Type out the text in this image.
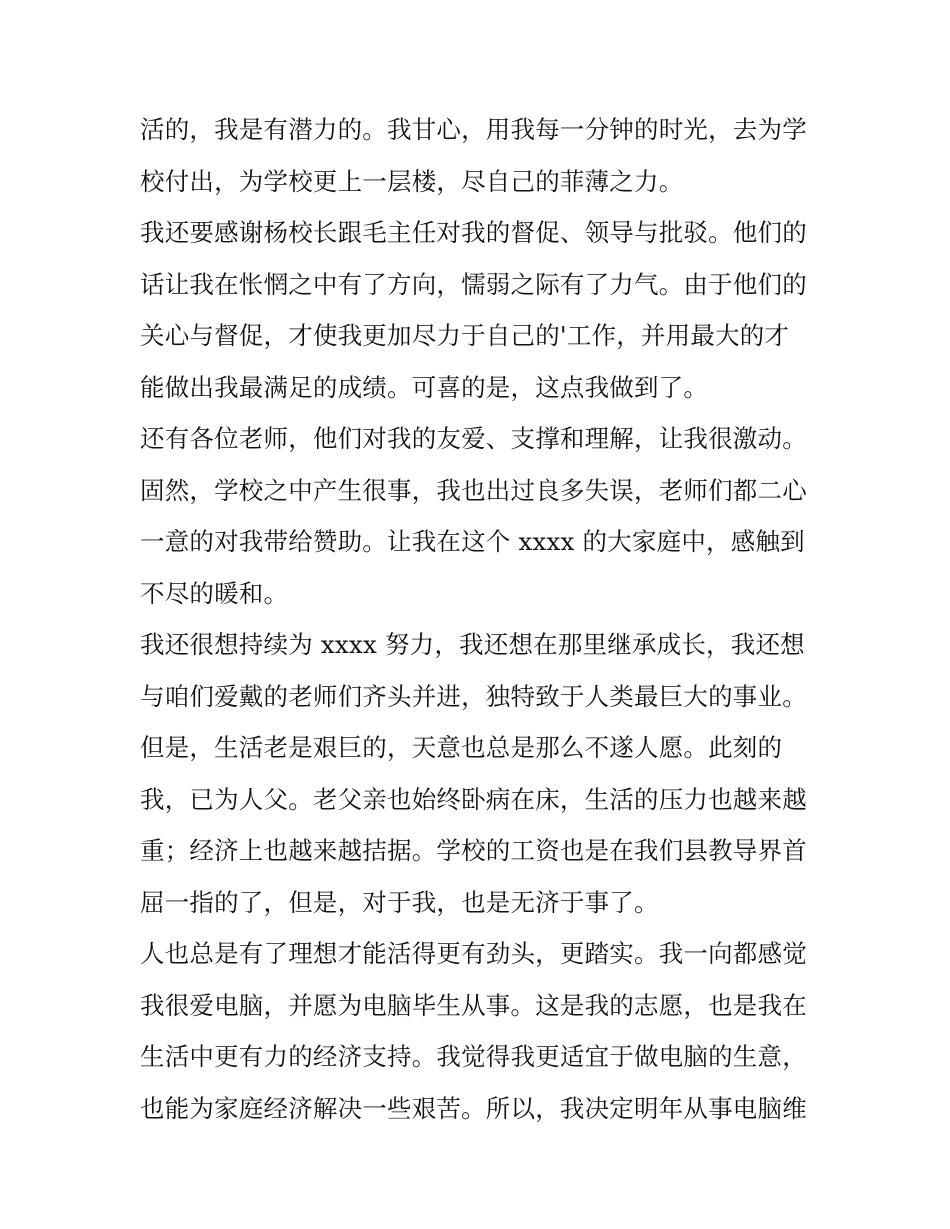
活的，我是有潜力的。我甘心，用我每一分钟的时光，去为学
校付出，为学校更上一层楼，尽自己的菲薄之力。
我还要感谢杨校长跟毛主任对我的督促、领导与批驳。他们的
话让我在怅惘之中有了方向，懦弱之际有了力气。由于他们的
关心与督促，才使我更加尽力于自己的'工作，并用最大的才
能做出我最满足的成绩。可喜的是，这点我做到了。
还有各位老师，他们对我的友爱、支撑和理解，让我很激动。
固然，学校之中产生很事，我也出过良多失误，老师们都二心
一意的对我带给赞助。让我在这个 xxxx 的大家庭中，感触到
不尽的暖和。
我还很想持续为 xxxx 努力，我还想在那里继承成长，我还想
与咱们爱戴的老师们齐头并进，独特致于人类最巨大的事业。
但是，生活老是艰巨的，天意也总是那么不遂人愿。此刻的
我，已为人父。老父亲也始终卧病在床，生活的压力也越来越
重；经济上也越来越拮据。学校的工资也是在我们县教导界首
屈一指的了，但是，对于我，也是无济于事了。
人也总是有了理想才能活得更有劲头，更踏实。我一向都感觉
我很爱电脑，并愿为电脑毕生从事。这是我的志愿，也是我在
生活中更有力的经济支持。我觉得我更适宜于做电脑的生意，
也能为家庭经济解决一些艰苦。所以，我决定明年从事电脑维
